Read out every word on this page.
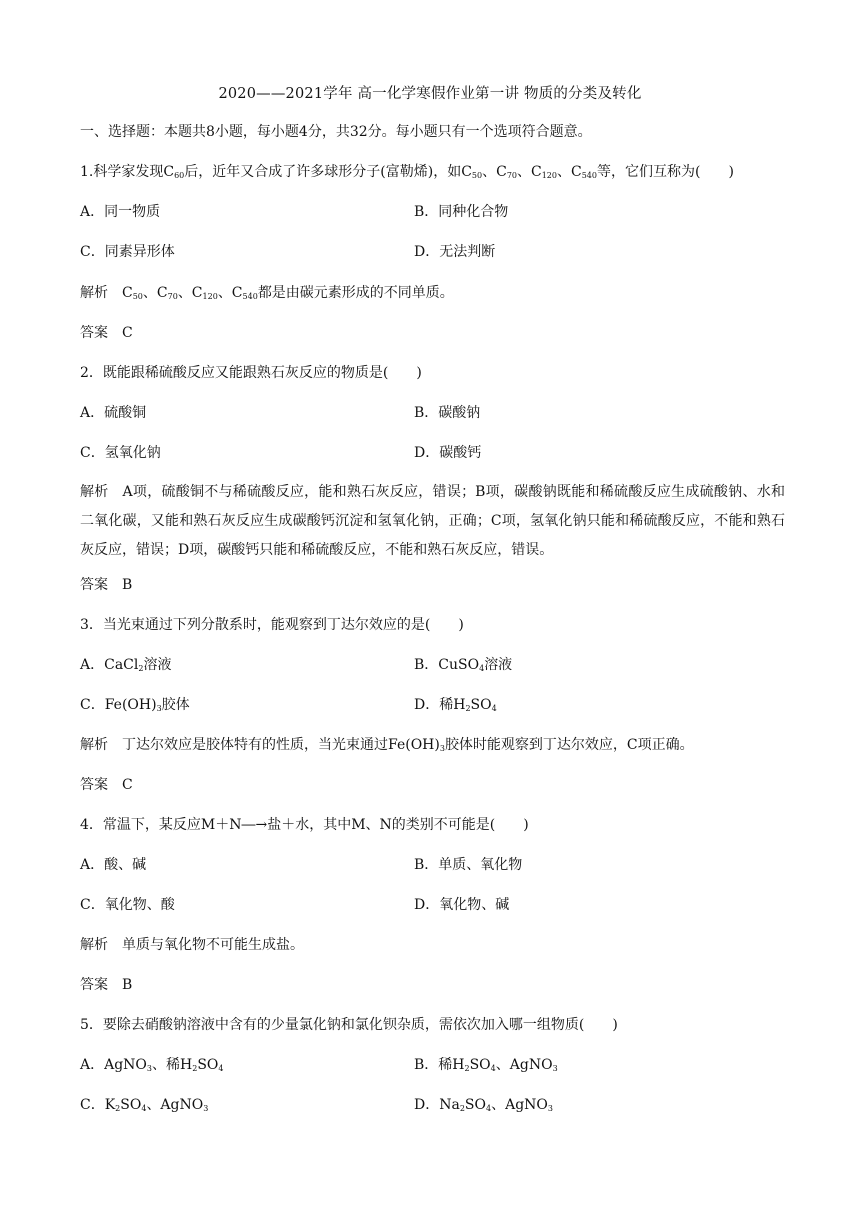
2020——2021学年 高一化学寒假作业第一讲 物质的分类及转化
一、选择题：本题共8小题，每小题4分，共32分。每小题只有一个选项符合题意。
1.科学家发现$C_{60}$后，近年又合成了许多球形分子(富勒烯)，如$C_{50}$、$C_{70}$、$C_{120}$、$C_{540}$等，它们互称为(　　)
A．同一物质	B．同种化合物
C．同素异形体	D．无法判断
解析 $C_{50}$、$C_{70}$、$C_{120}$、$C_{540}$都是由碳元素形成的不同单质。
答案 C
2．既能跟稀硫酸反应又能跟熟石灰反应的物质是(　　)
A．硫酸铜	B．碳酸钠
C．氢氧化钠	D．碳酸钙
解析 A项，硫酸铜不与稀硫酸反应，能和熟石灰反应，错误；B项，碳酸钠既能和稀硫酸反应生成硫酸钠、水和二氧化碳，又能和熟石灰反应生成碳酸钙沉淀和氢氧化钠，正确；C项，氢氧化钠只能和稀硫酸反应，不能和熟石灰反应，错误；D项，碳酸钙只能和稀硫酸反应，不能和熟石灰反应，错误。
答案 B
3．当光束通过下列分散系时，能观察到丁达尔效应的是(　　)
A．CaCl$_2$溶液	B．CuSO$_4$溶液
C．$Fe(OH)_3$胶体	D．稀$H_2SO_4$
解析 丁达尔效应是胶体特有的性质，当光束通过$Fe(OH)_3$胶体时能观察到丁达尔效应，C项正确。
答案 C
4．常温下，某反应M＋N―→盐＋水，其中M、N的类别不可能是(　　)
A．酸、碱	B．单质、氧化物
C．氧化物、酸	D．氧化物、碱
解析 单质与氧化物不可能生成盐。
答案 B
5．要除去硝酸钠溶液中含有的少量氯化钠和氯化钡杂质，需依次加入哪一组物质(　　)
A．AgNO$_3$、稀$H_2SO_4$	B．稀$H_2SO_4$、AgNO$_3$
C．$K_2SO_4$、AgNO$_3$	D．$Na_2SO_4$、AgNO$_3$
